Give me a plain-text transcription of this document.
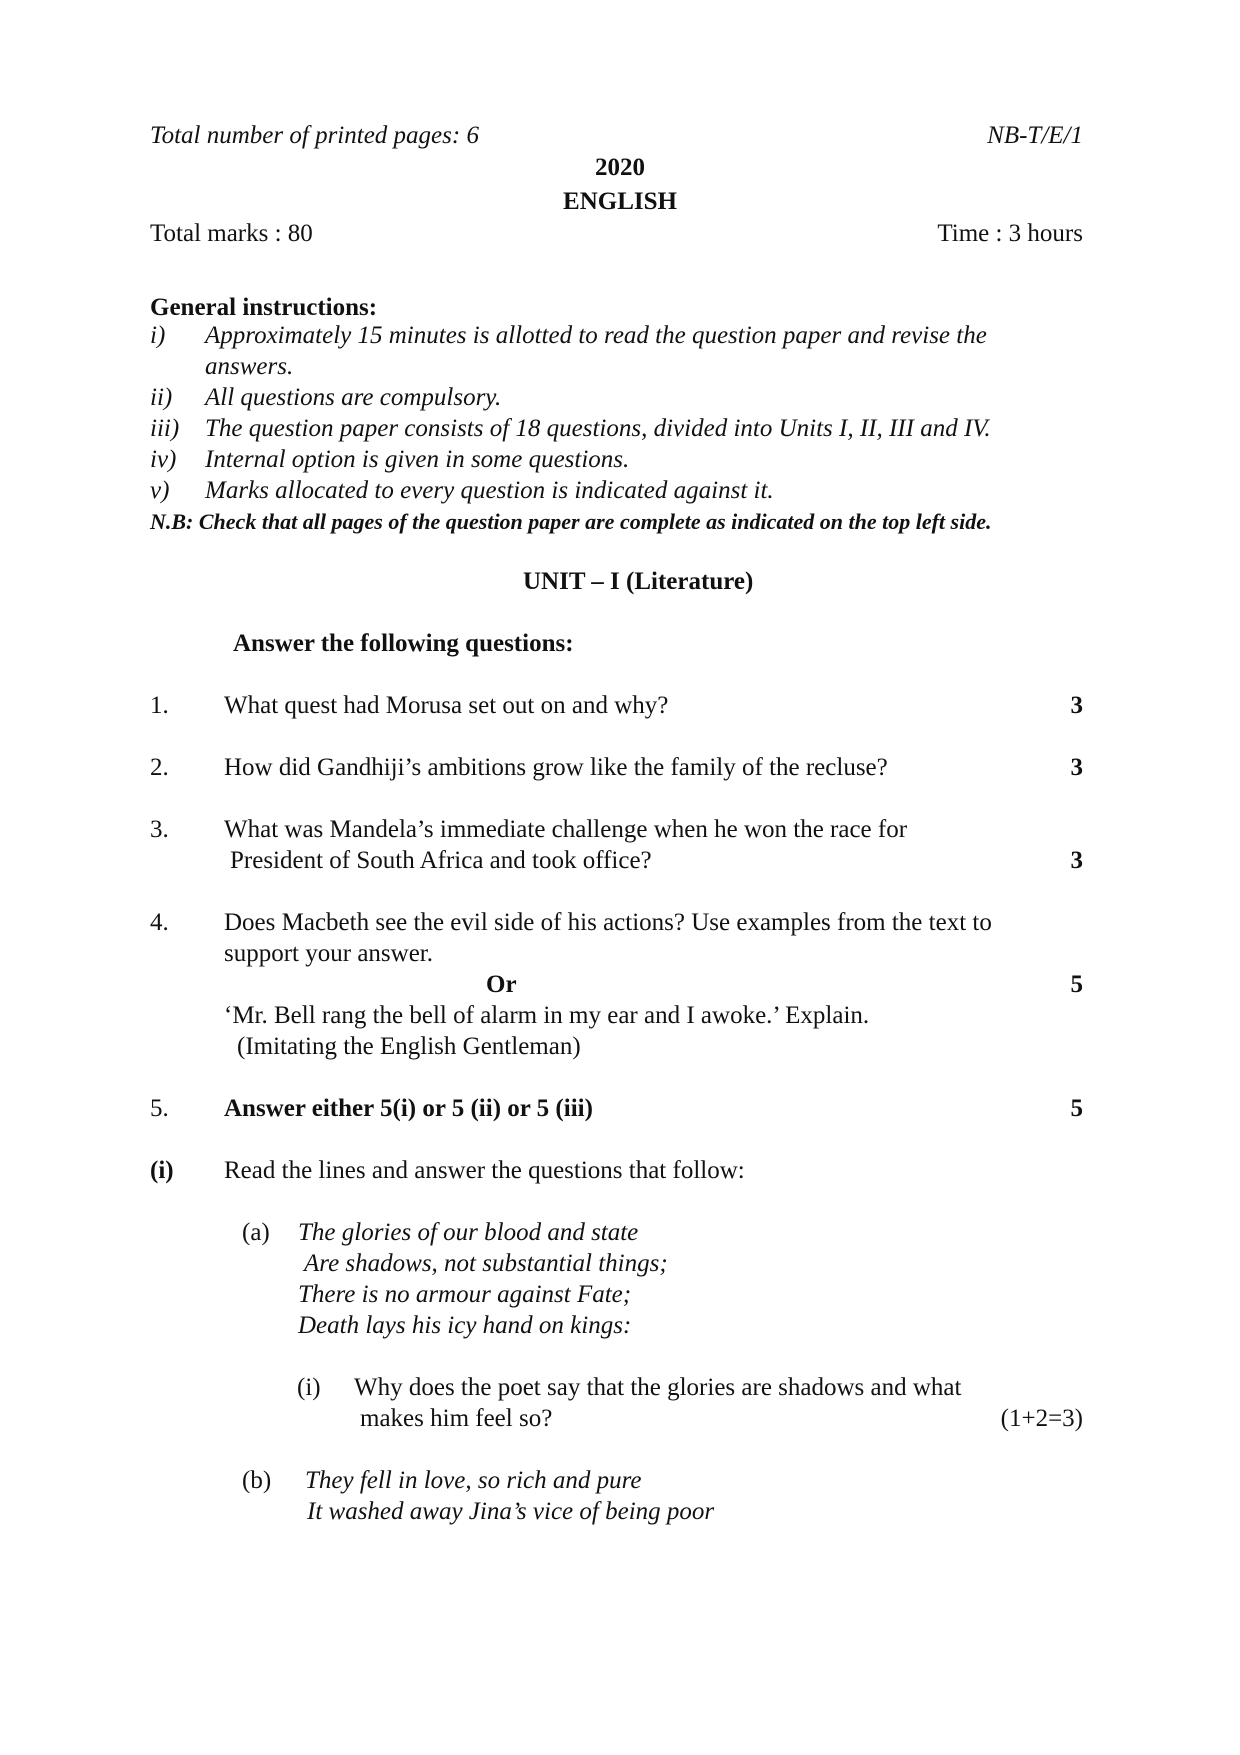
Total number of printed pages: 6	NB-T/E/1
2020
ENGLISH
Total marks : 80	Time : 3 hours
General instructions:
i) Approximately 15 minutes is allotted to read the question paper and revise the
answers.
ii) All questions are compulsory.
iii) The question paper consists of 18 questions, divided into Units I, II, III and IV.
iv) Internal option is given in some questions.
v) Marks allocated to every question is indicated against it.
N.B: Check that all pages of the question paper are complete as indicated on the top left side.
UNIT – I (Literature)
Answer the following questions:
1. What quest had Morusa set out on and why?	3
2. How did Gandhiji’s ambitions grow like the family of the recluse?	3
3. What was Mandela’s immediate challenge when he won the race for
President of South Africa and took office?	3
4. Does Macbeth see the evil side of his actions? Use examples from the text to
support your answer.
Or	5
‘Mr. Bell rang the bell of alarm in my ear and I awoke.’ Explain.
(Imitating the English Gentleman)
5. Answer either 5(i) or 5 (ii) or 5 (iii)	5
(i) Read the lines and answer the questions that follow:
(a) The glories of our blood and state
Are shadows, not substantial things;
There is no armour against Fate;
Death lays his icy hand on kings:
(i) Why does the poet say that the glories are shadows and what
makes him feel so?	(1+2=3)
(b) They fell in love, so rich and pure
It washed away Jina’s vice of being poor
